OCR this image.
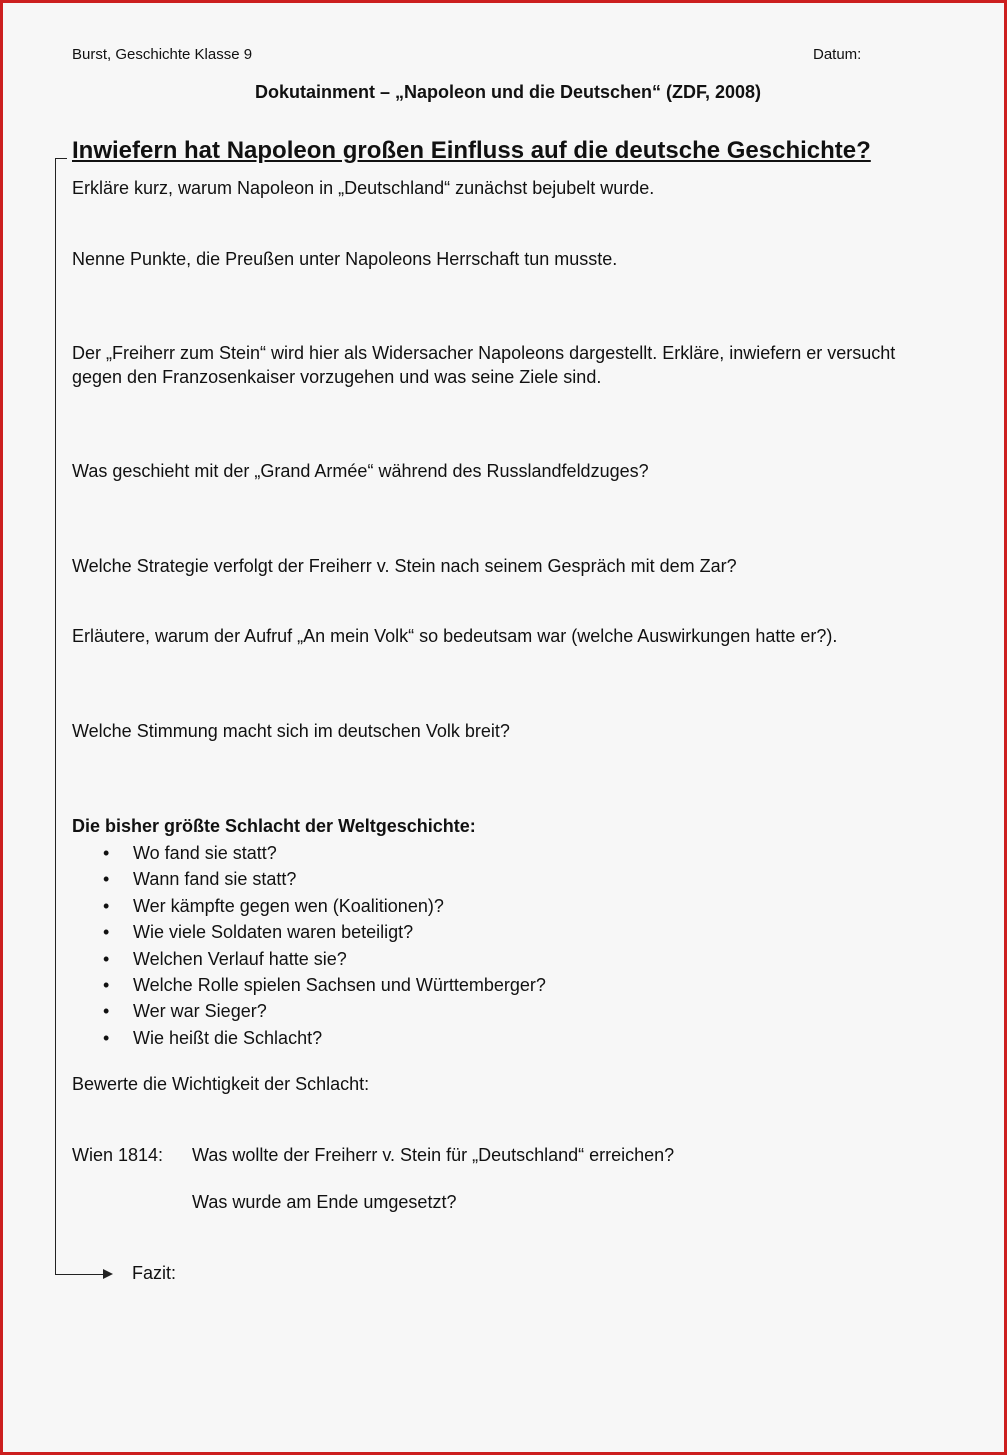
Burst, Geschichte Klasse 9	Datum:
Dokutainment – „Napoleon und die Deutschen“ (ZDF, 2008)
Inwiefern hat Napoleon großen Einfluss auf die deutsche Geschichte?
Erkläre kurz, warum Napoleon in „Deutschland“ zunächst bejubelt wurde.
Nenne Punkte, die Preußen unter Napoleons Herrschaft tun musste.
Der „Freiherr zum Stein“ wird hier als Widersacher Napoleons dargestellt. Erkläre, inwiefern er versucht
gegen den Franzosenkaiser vorzugehen und was seine Ziele sind.
Was geschieht mit der „Grand Armée“ während des Russlandfeldzuges?
Welche Strategie verfolgt der Freiherr v. Stein nach seinem Gespräch mit dem Zar?
Erläutere, warum der Aufruf „An mein Volk“ so bedeutsam war (welche Auswirkungen hatte er?).
Welche Stimmung macht sich im deutschen Volk breit?
Die bisher größte Schlacht der Weltgeschichte:
• Wo fand sie statt?
• Wann fand sie statt?
• Wer kämpfte gegen wen (Koalitionen)?
• Wie viele Soldaten waren beteiligt?
• Welchen Verlauf hatte sie?
• Welche Rolle spielen Sachsen und Württemberger?
• Wer war Sieger?
• Wie heißt die Schlacht?
Bewerte die Wichtigkeit der Schlacht:
Wien 1814: Was wollte der Freiherr v. Stein für „Deutschland“ erreichen?
Was wurde am Ende umgesetzt?
Fazit:
